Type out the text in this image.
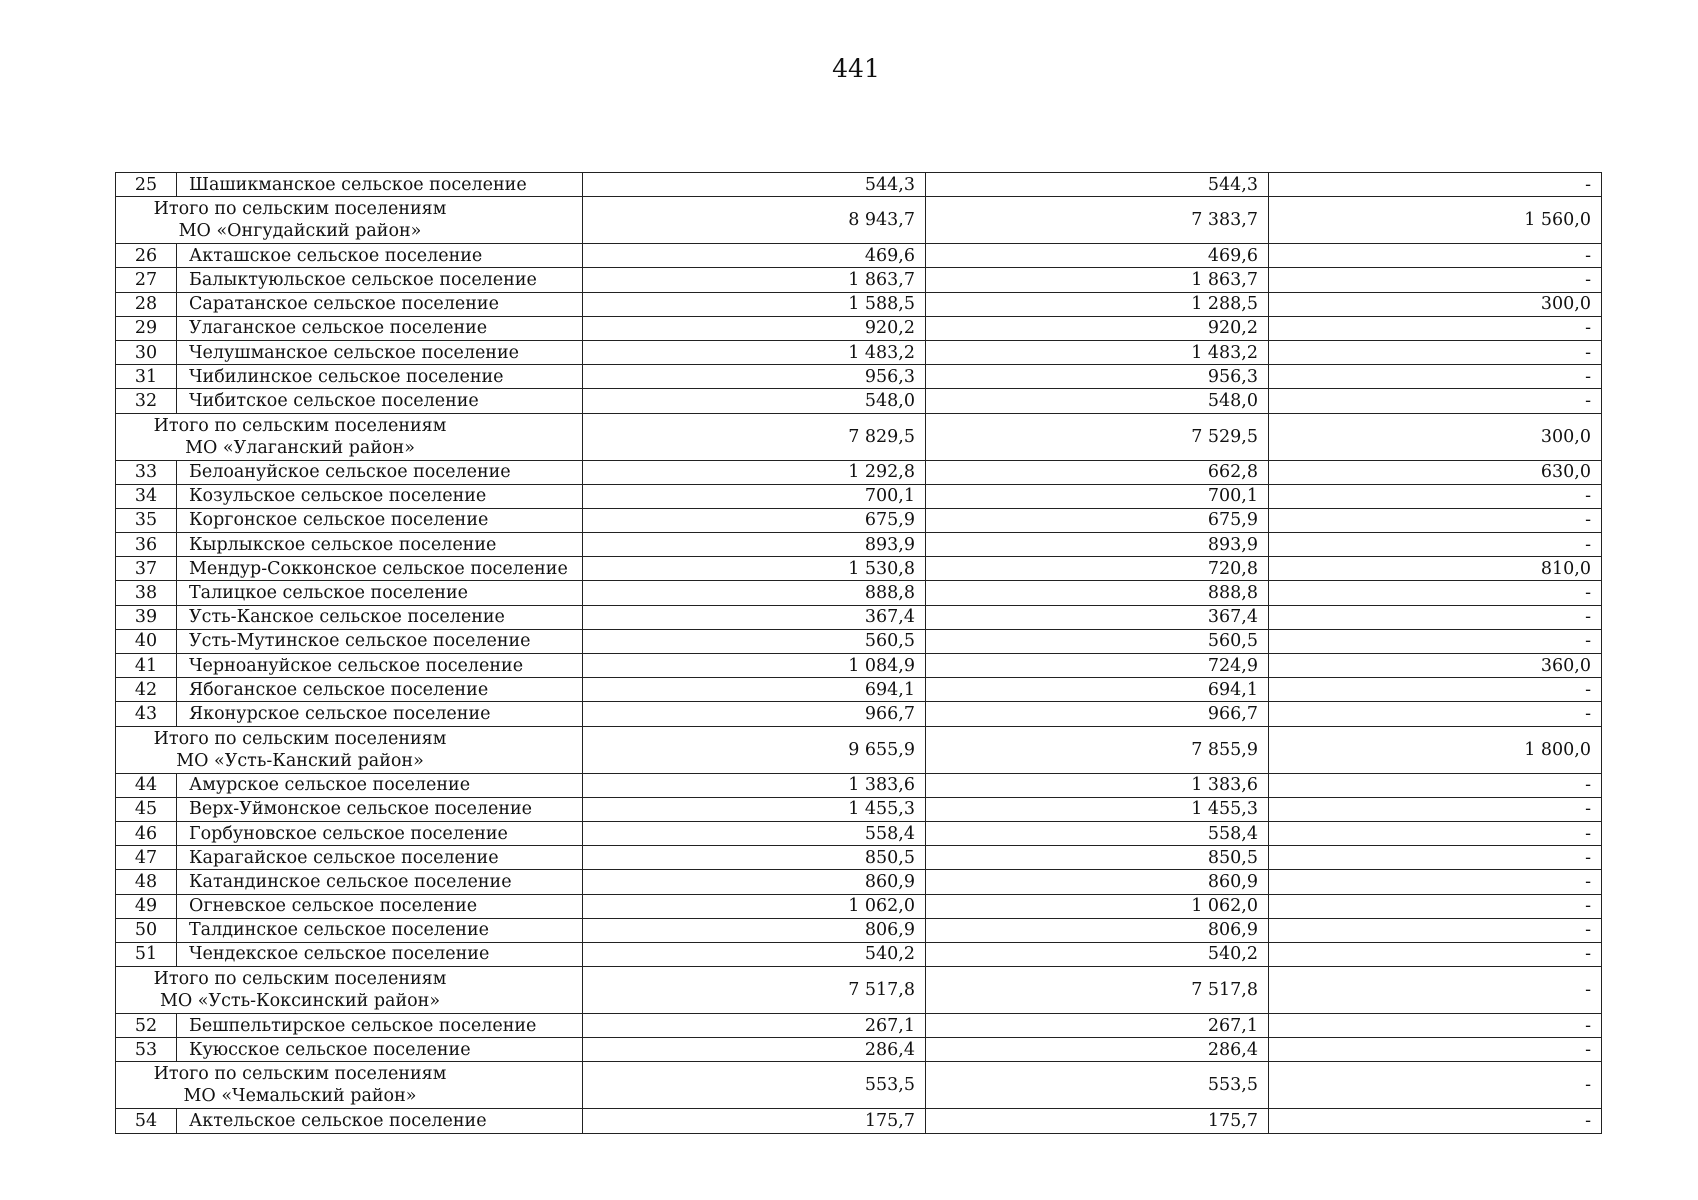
441
25	Шашикманское сельское поселение	544,3	544,3	-

Итого по сельским поселениям
МО «Онгудайский район»		8 943,7	7 383,7	1 560,0
26	Акташское сельское поселение	469,6	469,6	-
27	Балыктуюльское сельское поселение	1 863,7	1 863,7	-
28	Саратанское сельское поселение	1 588,5	1 288,5	300,0
29	Улаганское сельское поселение	920,2	920,2	-
30	Челушманское сельское поселение	1 483,2	1 483,2	-
31	Чибилинское сельское поселение	956,3	956,3	-
32	Чибитское сельское поселение	548,0	548,0	-

Итого по сельским поселениям
МО «Улаганский район»		7 829,5	7 529,5	300,0
33	Белоануйское сельское поселение	1 292,8	662,8	630,0
34	Козульское сельское поселение	700,1	700,1	-
35	Коргонское сельское поселение	675,9	675,9	-
36	Кырлыкское сельское поселение	893,9	893,9	-
37	Мендур-Сокконское сельское поселение	1 530,8	720,8	810,0
38	Талицкое сельское поселение	888,8	888,8	-
39	Усть-Канское сельское поселение	367,4	367,4	-
40	Усть-Мутинское сельское поселение	560,5	560,5	-
41	Черноануйское сельское поселение	1 084,9	724,9	360,0
42	Ябоганское сельское поселение	694,1	694,1	-
43	Яконурское сельское поселение	966,7	966,7	-

Итого по сельским поселениям
МО «Усть-Канский район»		9 655,9	7 855,9	1 800,0
44	Амурское сельское поселение	1 383,6	1 383,6	-
45	Верх-Уймонское сельское поселение	1 455,3	1 455,3	-
46	Горбуновское сельское поселение	558,4	558,4	-
47	Карагайское сельское поселение	850,5	850,5	-
48	Катандинское сельское поселение	860,9	860,9	-
49	Огневское сельское поселение	1 062,0	1 062,0	-
50	Талдинское сельское поселение	806,9	806,9	-
51	Чендекское сельское поселение	540,2	540,2	-

Итого по сельским поселениям
МО «Усть-Коксинский район»		7 517,8	7 517,8	-
52	Бешпельтирское сельское поселение	267,1	267,1	-
53	Куюсское сельское поселение	286,4	286,4	-

Итого по сельским поселениям
МО «Чемальский район»		553,5	553,5	-
54	Актельское сельское поселение	175,7	175,7	-
